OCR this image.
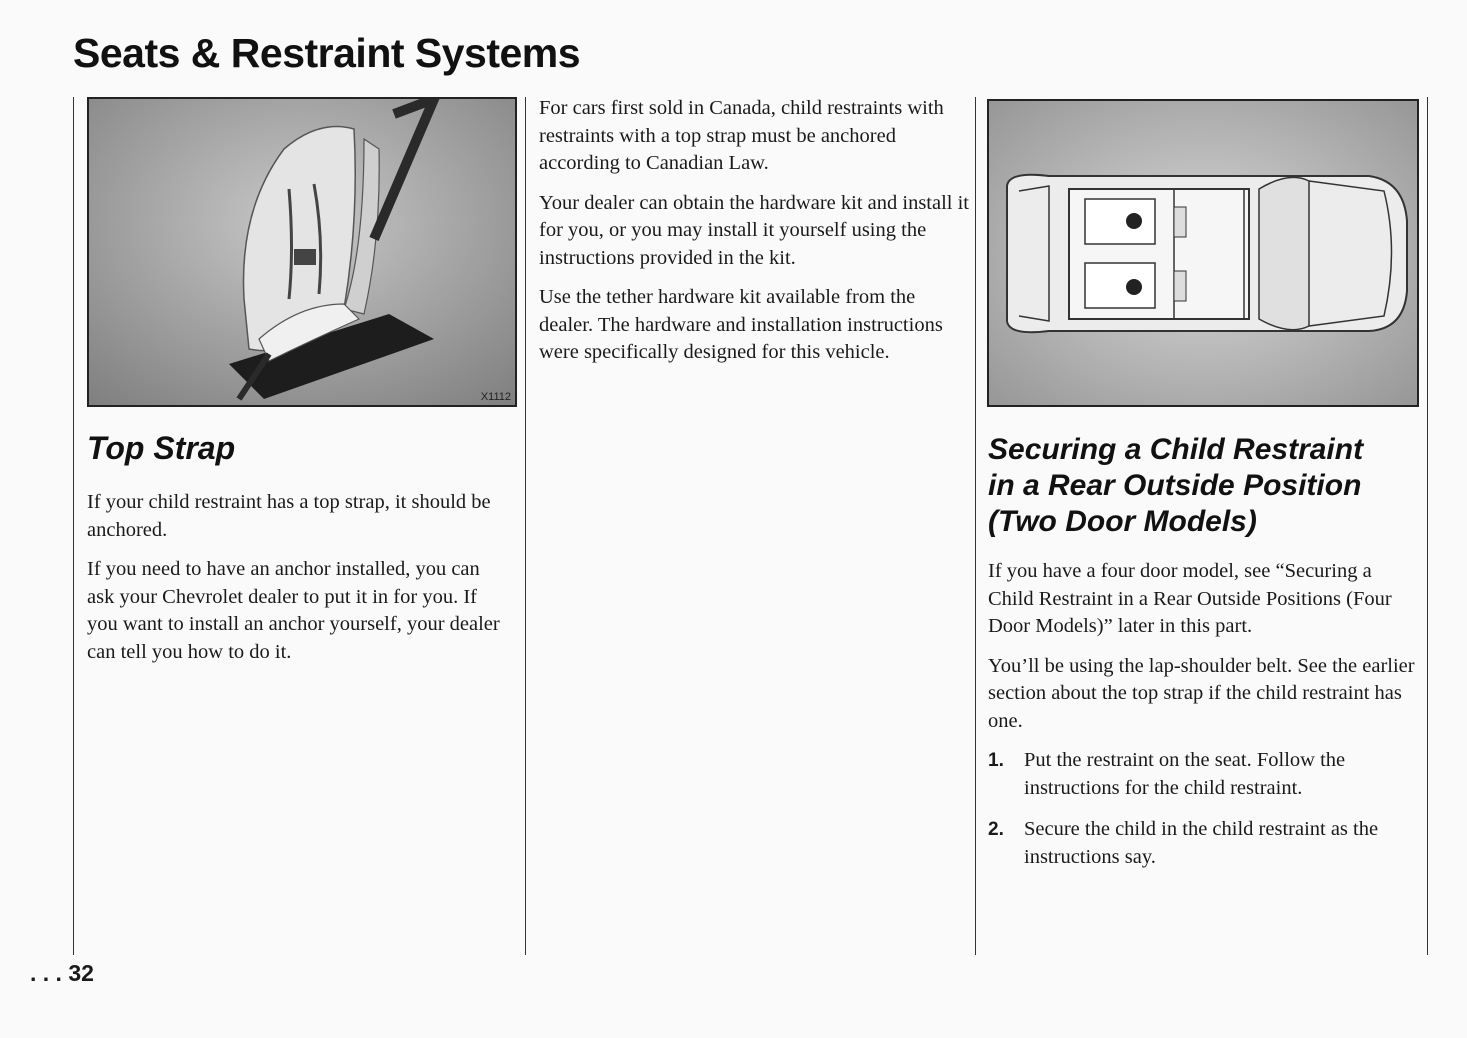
Seats & Restraint Systems
X1112
Top Strap

If your child restraint has a top strap, it should be anchored.

If you need to have an anchor installed, you can ask your Chevrolet dealer to put it in for you. If you want to install an anchor yourself, your dealer can tell you how to do it.

For cars first sold in Canada, child restraints with restraints with a top strap must be anchored according to Canadian Law.

Your dealer can obtain the hardware kit and install it for you, or you may install it yourself using the instructions provided in the kit.

Use the tether hardware kit available from the dealer. The hardware and installation instructions were specifically designed for this vehicle.

Securing a Child Restraint
in a Rear Outside Position
(Two Door Models)

If you have a four door model, see “Securing a Child Restraint in a Rear Outside Positions (Four Door Models)” later in this part.

You’ll be using the lap-shoulder belt. See the earlier section about the top strap if the child restraint has one.

1. Put the restraint on the seat. Follow the instructions for the child restraint.
2. Secure the child in the child restraint as the instructions say.
. . . 32
